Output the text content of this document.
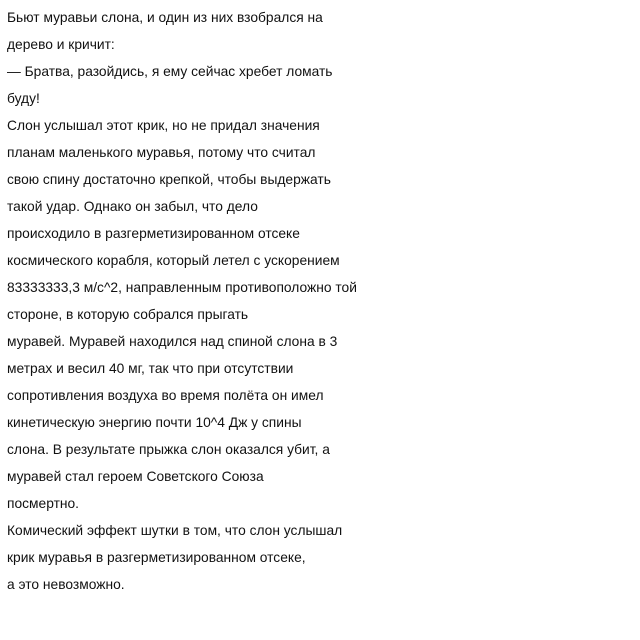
Бьют муравьи слона, и один из них взобрался на
дерево и кричит:
— Братва, разойдись, я ему сейчас хребет ломать
буду!
Слон услышал этот крик, но не придал значения
планам маленького муравья, потому что считал
свою спину достаточно крепкой, чтобы выдержать
такой удар. Однако он забыл, что дело
происходило в разгерметизированном отсеке
космического корабля, который летел с ускорением
83333333,3 м/с^2, направленным противоположно той
стороне, в которую собрался прыгать
муравей. Муравей находился над спиной слона в 3
метрах и весил 40 мг, так что при отсутствии
сопротивления воздуха во время полёта он имел
кинетическую энергию почти 10^4 Дж у спины
слона. В результате прыжка слон оказался убит, а
муравей стал героем Советского Союза
посмертно.
Комический эффект шутки в том, что слон услышал
крик муравья в разгерметизированном отсеке,
а это невозможно.
